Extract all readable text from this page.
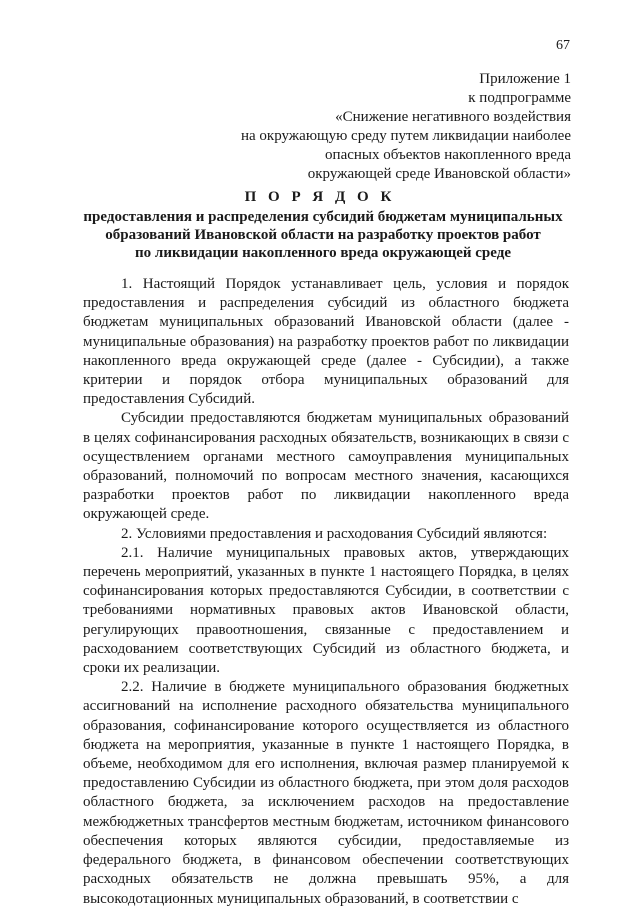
67
Приложение 1
к подпрограмме
«Снижение негативного воздействия
на окружающую среду путем ликвидации наиболее
опасных объектов накопленного вреда
окружающей среде Ивановской области»
П О Р Я Д О К
предоставления и распределения субсидий бюджетам муниципальных
образований Ивановской области на разработку проектов работ
по ликвидации накопленного вреда окружающей среде

1. Настоящий Порядок устанавливает цель, условия и порядок предоставления и распределения субсидий из областного бюджета бюджетам муниципальных образований Ивановской области (далее - муниципальные образования) на разработку проектов работ по ликвидации накопленного вреда окружающей среде (далее - Субсидии), а также критерии и порядок отбора муниципальных образований для предоставления Субсидий.

Субсидии предоставляются бюджетам муниципальных образований в целях софинансирования расходных обязательств, возникающих в связи с осуществлением органами местного самоуправления муниципальных образований, полномочий по вопросам местного значения, касающихся разработки проектов работ по ликвидации накопленного вреда окружающей среде.

2. Условиями предоставления и расходования Субсидий являются:

2.1. Наличие муниципальных правовых актов, утверждающих перечень мероприятий, указанных в пункте 1 настоящего Порядка, в целях софинансирования которых предоставляются Субсидии, в соответствии с требованиями нормативных правовых актов Ивановской области, регулирующих правоотношения, связанные с предоставлением и расходованием соответствующих Субсидий из областного бюджета, и сроки их реализации.

2.2. Наличие в бюджете муниципального образования бюджетных ассигнований на исполнение расходного обязательства муниципального образования, софинансирование которого осуществляется из областного бюджета на мероприятия, указанные в пункте 1 настоящего Порядка, в объеме, необходимом для его исполнения, включая размер планируемой к предоставлению Субсидии из областного бюджета, при этом доля расходов областного бюджета, за исключением расходов на предоставление межбюджетных трансфертов местным бюджетам, источником финансового обеспечения которых являются субсидии, предоставляемые из федерального бюджета, в финансовом обеспечении соответствующих расходных обязательств не должна превышать 95%, а для высокодотационных муниципальных образований, в соответствии с
